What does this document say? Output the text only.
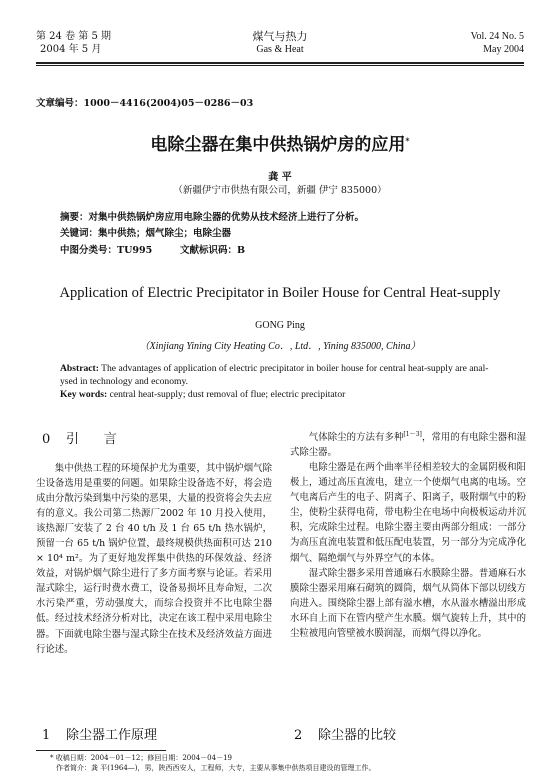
第 24 卷 第 5 期
2004 年 5 月
煤气与热力
Gas & Heat
Vol. 24 No. 5
May 2004
文章编号：1000－4416(2004)05－0286－03
电除尘器在集中供热锅炉房的应用*
龚 平
（新疆伊宁市供热有限公司，新疆 伊宁 835000）
摘要：对集中供热锅炉房应用电除尘器的优势从技术经济上进行了分析。
关键词：集中供热；烟气除尘；电除尘器
中图分类号：TU995	文献标识码：B
Application of Electric Precipitator in Boiler House for Central Heat-supply
GONG Ping
（Xinjiang Yining City Heating Co．, Ltd．, Yining 835000, China）
Abstract: The advantages of application of electric precipitator in boiler house for central heat-supply are anal-
ysed in technology and economy.
Key words: central heat-supply; dust removal of flue; electric precipitator
0 引      言

集中供热工程的环境保护尤为重要，其中锅炉烟气除尘设备选用是重要的问题。如果除尘设备选不好，将会造成由分散污染到集中污染的恶果，大量的投资将会失去应有的意义。我公司第二热源厂2002 年 10 月投入使用，该热源厂安装了 2 台 40 t/h 及 1 台 65 t/h 热水锅炉，预留一台 65 t/h 锅炉位置，最终规模供热面积可达 210 × 10⁴ m²。为了更好地发挥集中供热的环保效益、经济效益，对锅炉烟气除尘进行了多方面考察与论证。若采用湿式除尘，运行时费水费工，设备易损坏且寿命短，二次水污染严重，劳动强度大，而综合投资并不比电除尘器低。经过技术经济分析对比，决定在该工程中采用电除尘器。下面就电除尘器与湿式除尘在技术及经济效益方面进行论述。

气体除尘的方法有多种[1～3]，常用的有电除尘器和湿式除尘器。

电除尘器是在两个曲率半径相差较大的金属阴极和阳极上，通过高压直流电，建立一个使烟气电离的电场。空气电离后产生的电子、阴离子、阳离子，吸附烟气中的粉尘，使粉尘获得电荷，带电粉尘在电场中向极板运动并沉积，完成除尘过程。电除尘器主要由两部分组成：一部分为高压直流电装置和低压配电装置，另一部分为完成净化烟气、隔绝烟气与外界空气的本体。

湿式除尘器多采用普通麻石水膜除尘器。普通麻石水膜除尘器采用麻石砌筑的圆筒，烟气从筒体下部以切线方向进入。围绕除尘器上部有溢水槽，水从溢水槽溢出形成水环自上而下在管内壁产生水膜。烟气旋转上升，其中的尘粒被甩向管壁被水膜润湿，而烟气得以净化。

1 除尘器工作原理	2 除尘器的比较
* 收稿日期：2004－01－12；修回日期：2004－04－19
作者简介：龚 平(1964—)，男，陕西西安人，工程师，大专，主要从事集中供热项目建设的管理工作。
